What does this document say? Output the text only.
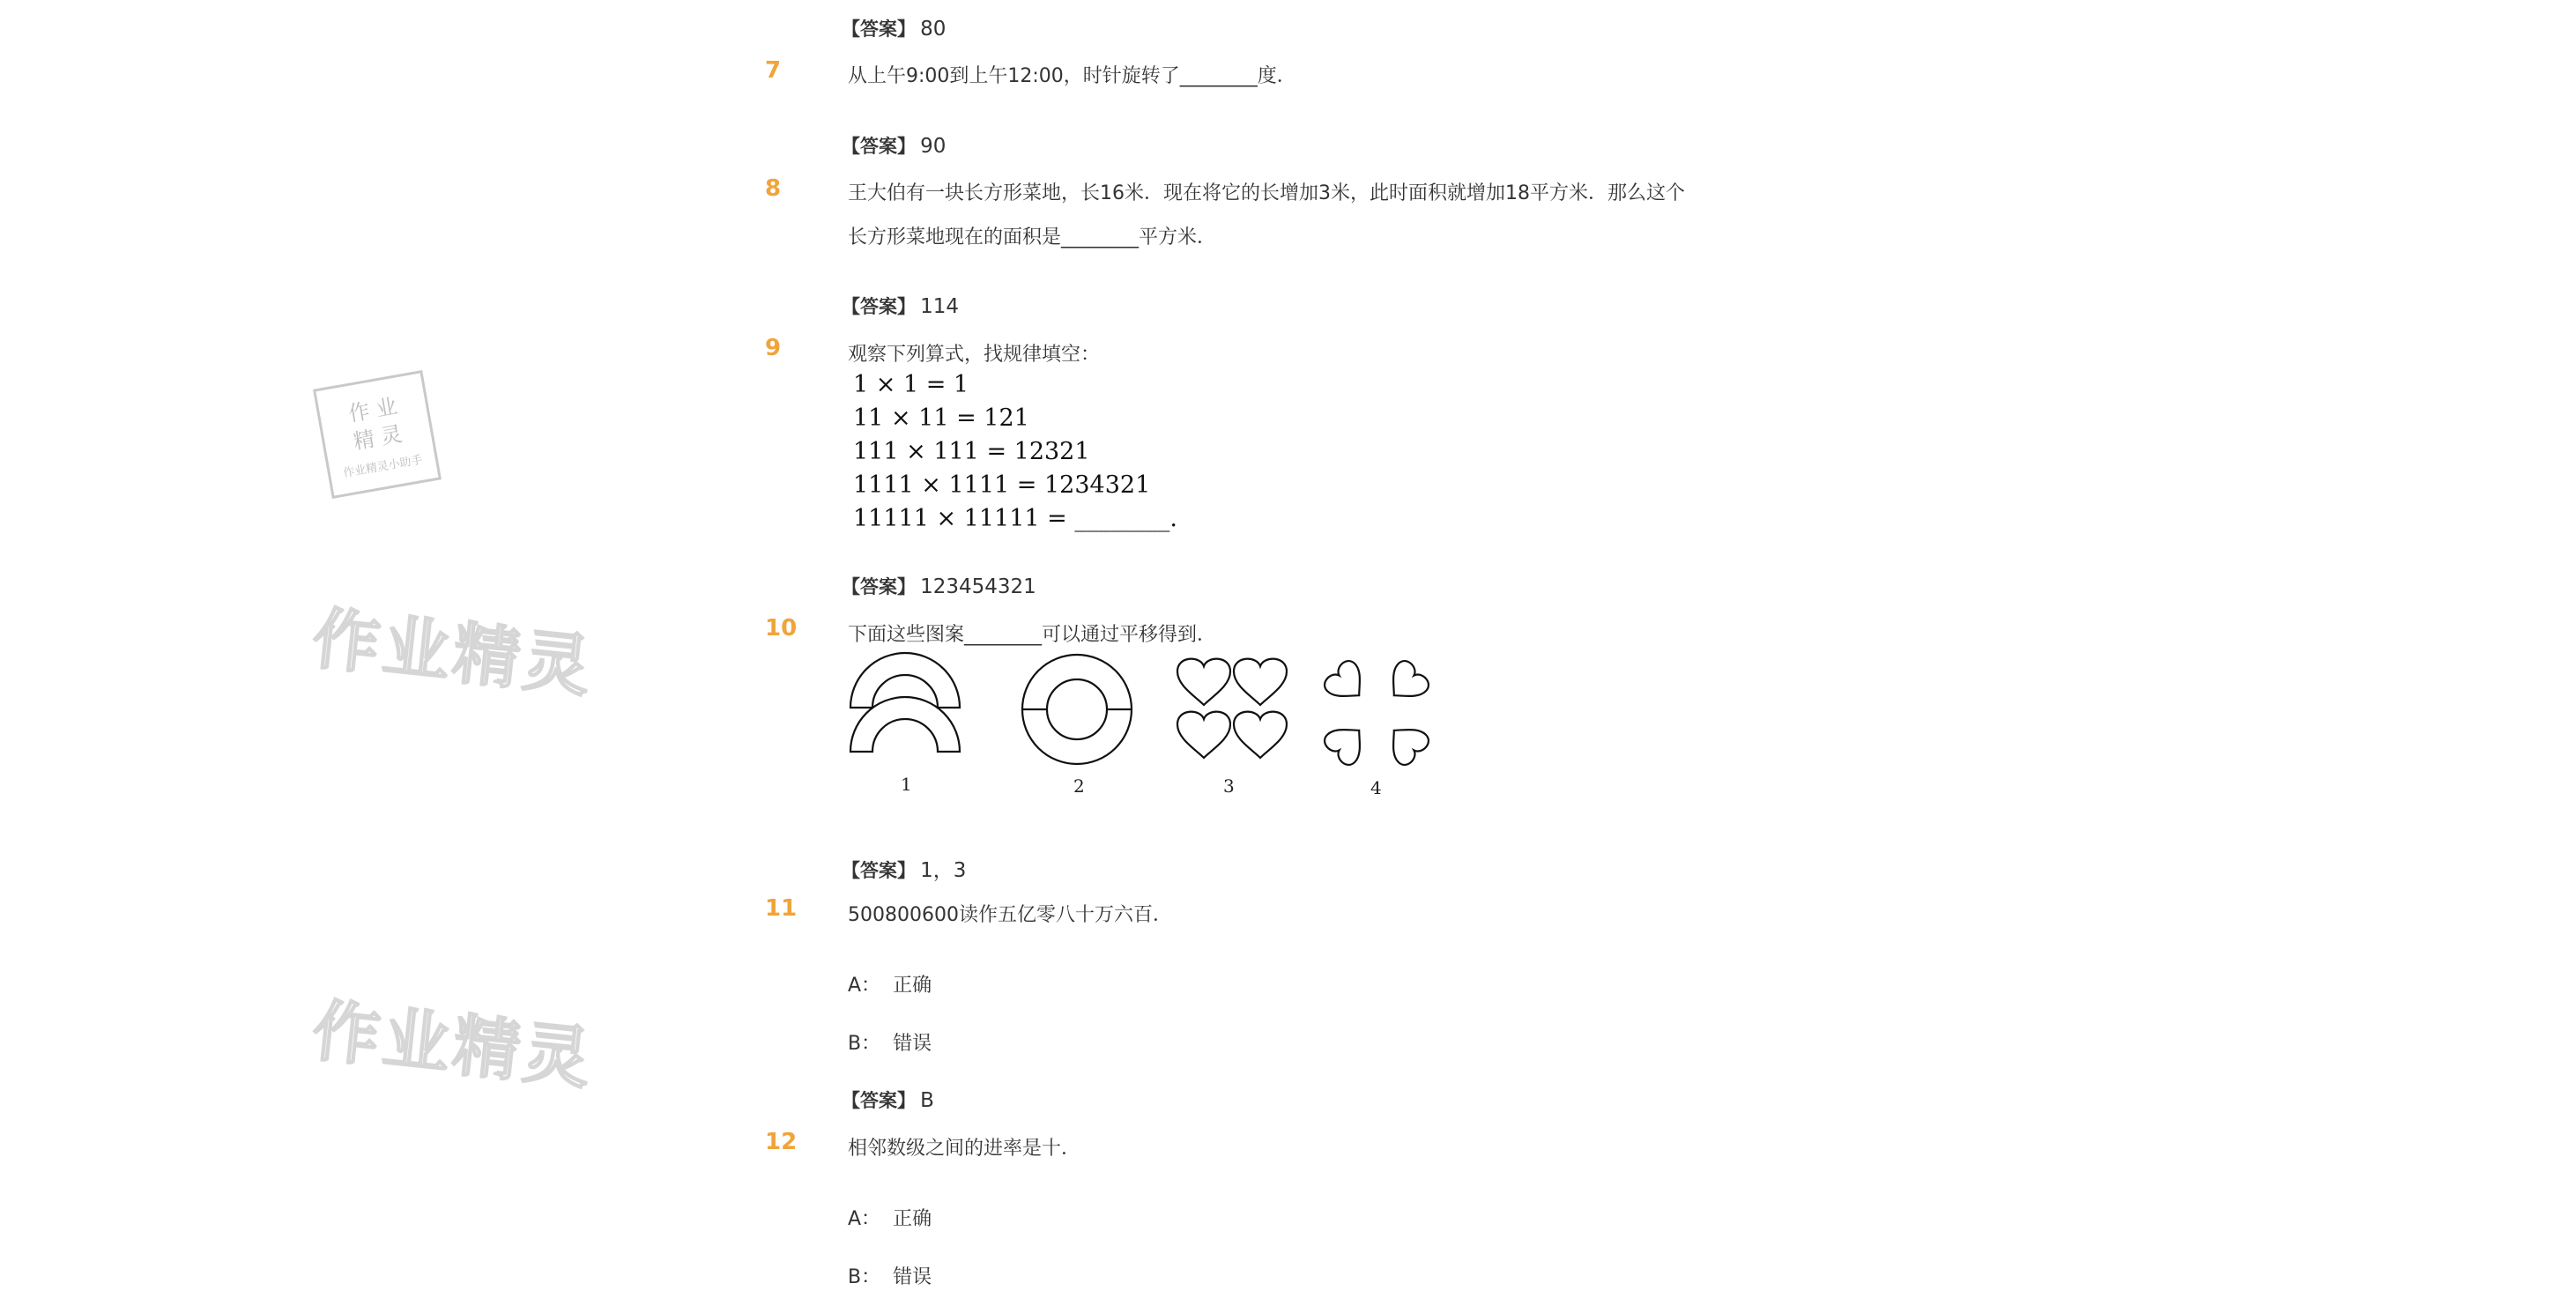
作 业
精 灵
作业精灵小助手
作业精灵
作业精灵
【答案】 80
7	从上午9:00到上午12:00，时针旋转了________度．
【答案】 90
8	王大伯有一块长方形菜地，长16米．现在将它的长增加3米，此时面积就增加18平方米．那么这个
长方形菜地现在的面积是________平方米．
【答案】 114
9	观察下列算式，找规律填空：
1 × 1 = 1
11 × 11 = 121
111 × 111 = 12321
1111 × 1111 = 1234321
11111 × 11111 = ________.
【答案】 123454321
10	下面这些图案________可以通过平移得到．
1	2	3	4
【答案】 1，3
11	500800600读作五亿零八十万六百．
A： 正确
B： 错误
【答案】 B
12	相邻数级之间的进率是十．
A： 正确
B： 错误
